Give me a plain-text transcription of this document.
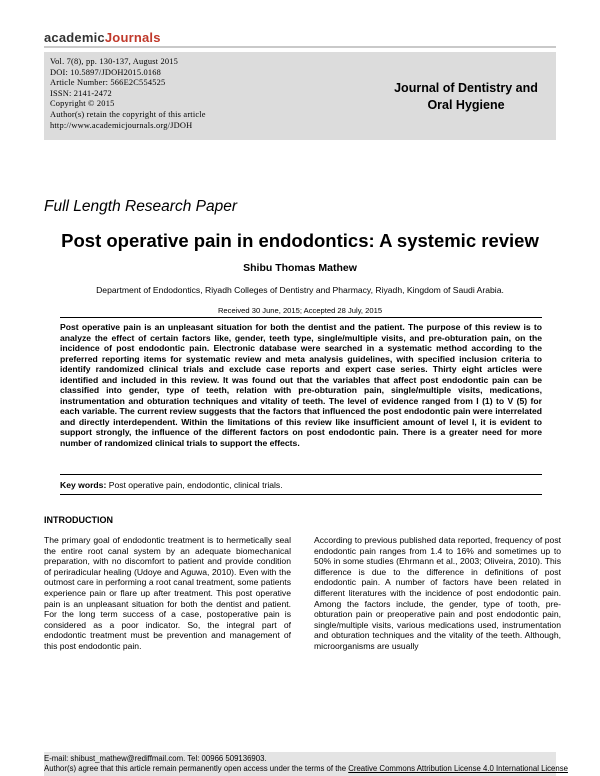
academicJournals
Vol. 7(8), pp. 130-137, August 2015
DOI: 10.5897/JDOH2015.0168
Article Number: 566E2C554525
ISSN: 2141-2472
Copyright © 2015
Author(s) retain the copyright of this article
http://www.academicjournals.org/JDOH
Journal of Dentistry and
Oral Hygiene
Full Length Research Paper
Post operative pain in endodontics: A systemic review
Shibu Thomas Mathew
Department of Endodontics, Riyadh Colleges of Dentistry and Pharmacy, Riyadh, Kingdom of Saudi Arabia.
Received 30 June, 2015; Accepted 28 July, 2015
Post operative pain is an unpleasant situation for both the dentist and the patient. The purpose of this review is to analyze the effect of certain factors like, gender, teeth type, single/multiple visits, and pre-obturation pain, on the incidence of post endodontic pain. Electronic database were searched in a systematic method according to the preferred reporting items for systematic review and meta analysis guidelines, with specified inclusion criteria to identify randomized clinical trials and exclude case reports and expert case series. Thirty eight articles were identified and included in this review. It was found out that the variables that affect post endodontic pain can be classified into gender, type of teeth, relation with pre-obturation pain, single/multiple visits, medications, instrumentation and obturation techniques and vitality of teeth. The level of evidence ranged from I (1) to V (5) for each variable. The current review suggests that the factors that influenced the post endodontic pain were interrelated and directly interdependent. Within the limitations of this review like insufficient amount of level I, it is evident to support strongly, the influence of the different factors on post endodontic pain. There is a greater need for more number of randomized clinical trials to support the effects.
Key words: Post operative pain, endodontic, clinical trials.
INTRODUCTION
The primary goal of endodontic treatment is to hermetically seal the entire root canal system by an adequate biomechanical preparation, with no discomfort to patient and provide condition of periradicular healing (Udoye and Aguwa, 2010). Even with the outmost care in performing a root canal treatment, some patients experience pain or flare up after treatment. This post operative pain is an unpleasant situation for both the dentist and patient. For the long term success of a case, postoperative pain is considered as a poor indicator. So, the integral part of endodontic treatment must be prevention and management of this post endodontic pain.
According to previous published data reported, frequency of post endodontic pain ranges from 1.4 to 16% and sometimes up to 50% in some studies (Ehrmann et al., 2003; Oliveira, 2010). This difference is due to the difference in definitions of post endodontic pain. A number of factors have been related in different literatures with the incidence of post endodontic pain. Among the factors include, the gender, type of tooth, pre-obturation pain or preoperative pain and post endodontic pain, single/multiple visits, various medications used, instrumentation and obturation techniques and the vitality of the teeth. Although, microorganisms are usually
E-mail: shibust_mathew@rediffmail.com. Tel: 00966 509136903.
Author(s) agree that this article remain permanently open access under the terms of the Creative Commons Attribution License 4.0 International License
